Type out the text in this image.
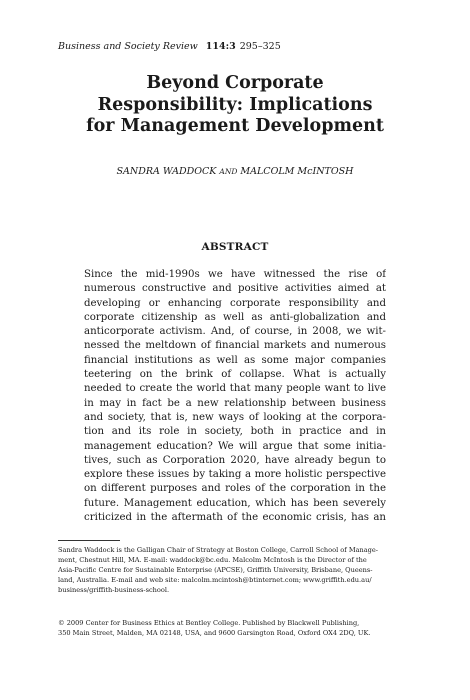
Business and Society Review 114:3 295–325
Beyond Corporate
Responsibility: Implications
for Management Development
SANDRA WADDOCK AND MALCOLM McINTOSH
ABSTRACT
Since the mid-1990s we have witnessed the rise of
numerous constructive and positive activities aimed at
developing or enhancing corporate responsibility and
corporate citizenship as well as anti-globalization and
anticorporate activism. And, of course, in 2008, we wit-
nessed the meltdown of financial markets and numerous
financial institutions as well as some major companies
teetering on the brink of collapse. What is actually
needed to create the world that many people want to live
in may in fact be a new relationship between business
and society, that is, new ways of looking at the corpora-
tion and its role in society, both in practice and in
management education? We will argue that some initia-
tives, such as Corporation 2020, have already begun to
explore these issues by taking a more holistic perspective
on different purposes and roles of the corporation in the
future. Management education, which has been severely
criticized in the aftermath of the economic crisis, has an
Sandra Waddock is the Galligan Chair of Strategy at Boston College, Carroll School of Manage-
ment, Chestnut Hill, MA. E-mail: waddock@bc.edu. Malcolm McIntosh is the Director of the
Asia-Pacific Centre for Sustainable Enterprise (APCSE), Griffith University, Brisbane, Queens-
land, Australia. E-mail and web site: malcolm.mcintosh@btinternet.com; www.griffith.edu.au/
business/griffith-business-school.
© 2009 Center for Business Ethics at Bentley College. Published by Blackwell Publishing,
350 Main Street, Malden, MA 02148, USA, and 9600 Garsington Road, Oxford OX4 2DQ, UK.
